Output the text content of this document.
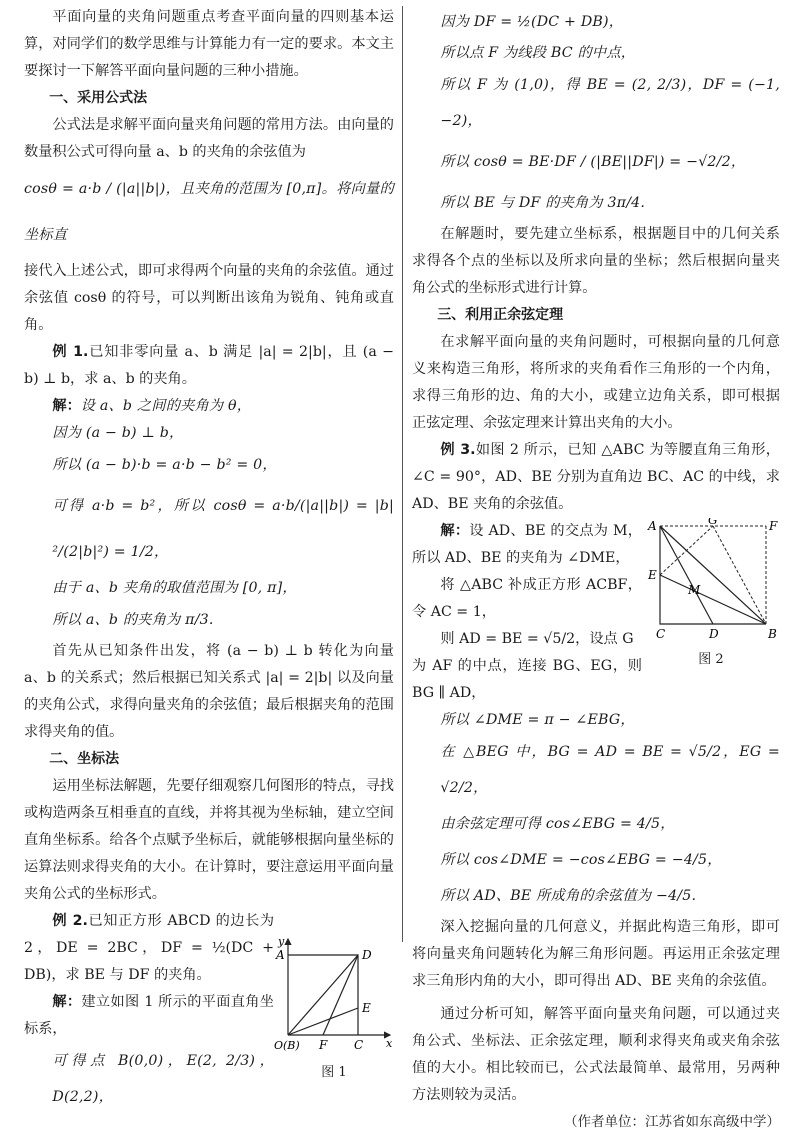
平面向量的夹角问题重点考查平面向量的四则基本运算，对同学们的数学思维与计算能力有一定的要求。本文主要探讨一下解答平面向量问题的三种小措施。

一、采用公式法

公式法是求解平面向量夹角问题的常用方法。由向量的数量积公式可得向量 a、b 的夹角的余弦值为

cosθ = a·b / (|a||b|)，且夹角的范围为 [0,π]。将向量的坐标直

接代入上述公式，即可求得两个向量的夹角的余弦值。通过余弦值 cosθ 的符号，可以判断出该角为锐角、钝角或直角。

例 1.已知非零向量 a、b 满足 |a| = 2|b|，且 (a − b) ⊥ b，求 a、b 的夹角。

解：设 a、b 之间的夹角为 θ，

因为 (a − b) ⊥ b，

所以 (a − b)·b = a·b − b² = 0，

可得 a·b = b²，所以 cosθ = a·b/(|a||b|) = |b|²/(2|b|²) = 1/2，

由于 a、b 夹角的取值范围为 [0, π]，

所以 a、b 的夹角为 π/3.

首先从已知条件出发，将 (a − b) ⊥ b 转化为向量 a、b 的关系式；然后根据已知关系式 |a| = 2|b| 以及向量的夹角公式，求得向量夹角的余弦值；最后根据夹角的范围求得夹角的值。

二、坐标法

运用坐标法解题，先要仔细观察几何图形的特点，寻找或构造两条互相垂直的直线，并将其视为坐标轴，建立空间直角坐标系。给各个点赋予坐标后，就能够根据向量坐标的运算法则求得夹角的大小。在计算时，要注意运用平面向量夹角公式的坐标形式。

y
x
A	D
E
O(B) F C
图 1

例 2.已知正方形 ABCD 的边长为 2，DE = 2BC，DF = ½(DC + DB)，求 BE 与 DF 的夹角。

解：建立如图 1 所示的平面直角坐标系，

可得点 B(0,0)，E(2, 2/3)，D(2,2)，

因为 DF = ½(DC + DB)，

所以点 F 为线段 BC 的中点，

所以 F 为 (1,0)，得 BE = (2, 2/3)，DF = (−1, −2)，

所以 cosθ = BE·DF / (|BE||DF|) = −√2/2，

所以 BE 与 DF 的夹角为 3π/4.

在解题时，要先建立坐标系，根据题目中的几何关系求得各个点的坐标以及所求向量的坐标；然后根据向量夹角公式的坐标形式进行计算。

三、利用正余弦定理

在求解平面向量的夹角问题时，可根据向量的几何意义来构造三角形，将所求的夹角看作三角形的一个内角，求得三角形的边、角的大小，或建立边角关系，即可根据正弦定理、余弦定理来计算出夹角的大小。

例 3.如图 2 所示，已知 △ABC 为等腰直角三角形，∠C = 90°，AD、BE 分别为直角边 BC、AC 的中线，求 AD、BE 夹角的余弦值。

A	G	F
E
M
C	D	B
图 2

解：设 AD、BE 的交点为 M，所以 AD、BE 的夹角为 ∠DME，

将 △ABC 补成正方形 ACBF，令 AC = 1，

则 AD = BE = √5/2，设点 G

为 AF 的中点，连接 BG、EG，则 BG ∥ AD，

所以 ∠DME = π − ∠EBG，

在 △BEG 中，BG = AD = BE = √5/2，EG = √2/2，

由余弦定理可得 cos∠EBG = 4/5，

所以 cos∠DME = −cos∠EBG = −4/5，

所以 AD、BE 所成角的余弦值为 −4/5.

深入挖掘向量的几何意义，并据此构造三角形，即可将向量夹角问题转化为解三角形问题。再运用正余弦定理求三角形内角的大小，即可得出 AD、BE 夹角的余弦值。

通过分析可知，解答平面向量夹角问题，可以通过夹角公式、坐标法、正余弦定理，顺利求得夹角或夹角余弦值的大小。相比较而已，公式法最简单、最常用，另两种方法则较为灵活。

（作者单位：江苏省如东高级中学）
